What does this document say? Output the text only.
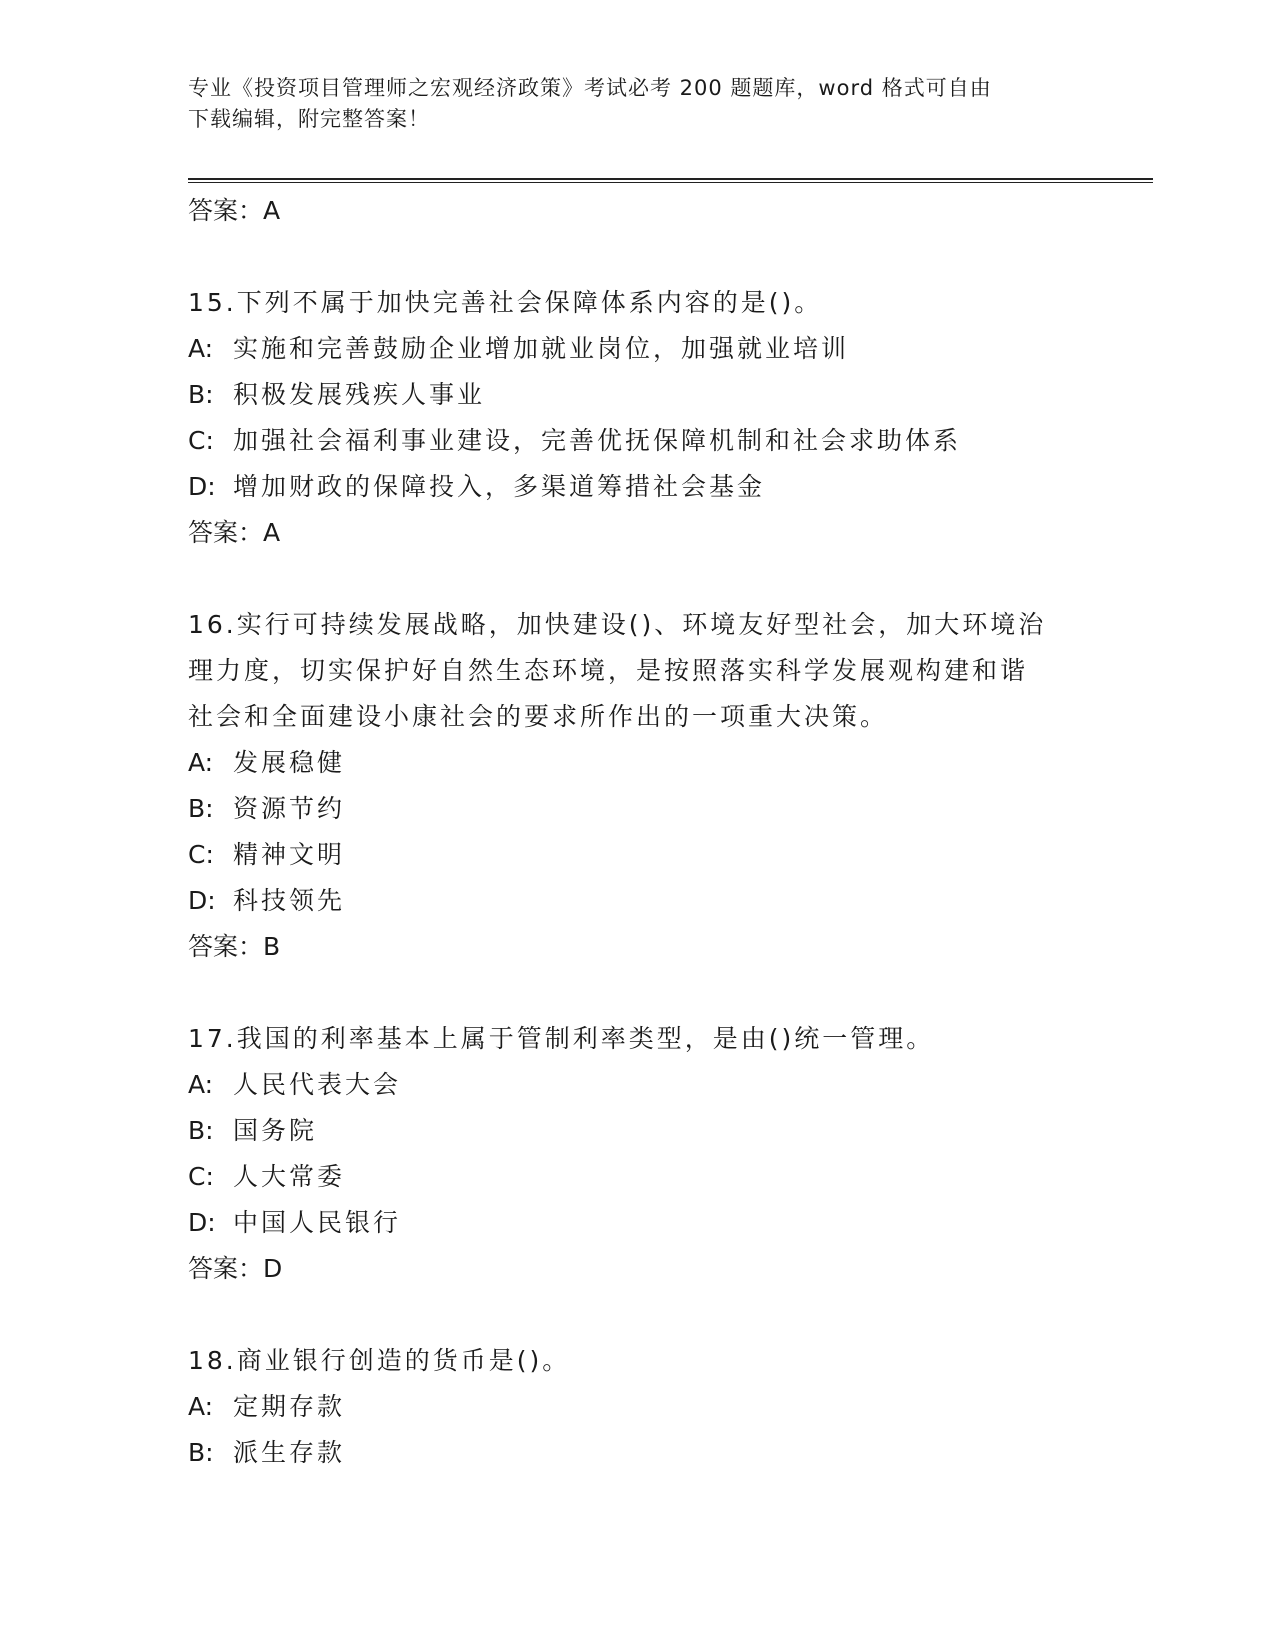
专业《投资项目管理师之宏观经济政策》考试必考 200 题题库，word 格式可自由
下载编辑，附完整答案！
答案：A
15.下列不属于加快完善社会保障体系内容的是()。
A: 实施和完善鼓励企业增加就业岗位，加强就业培训
B: 积极发展残疾人事业
C: 加强社会福利事业建设，完善优抚保障机制和社会求助体系
D: 增加财政的保障投入，多渠道筹措社会基金
答案：A
16.实行可持续发展战略，加快建设()、环境友好型社会，加大环境治
理力度，切实保护好自然生态环境，是按照落实科学发展观构建和谐
社会和全面建设小康社会的要求所作出的一项重大决策。
A: 发展稳健
B: 资源节约
C: 精神文明
D: 科技领先
答案：B
17.我国的利率基本上属于管制利率类型，是由()统一管理。
A: 人民代表大会
B: 国务院
C: 人大常委
D: 中国人民银行
答案：D
18.商业银行创造的货币是()。
A: 定期存款
B: 派生存款
